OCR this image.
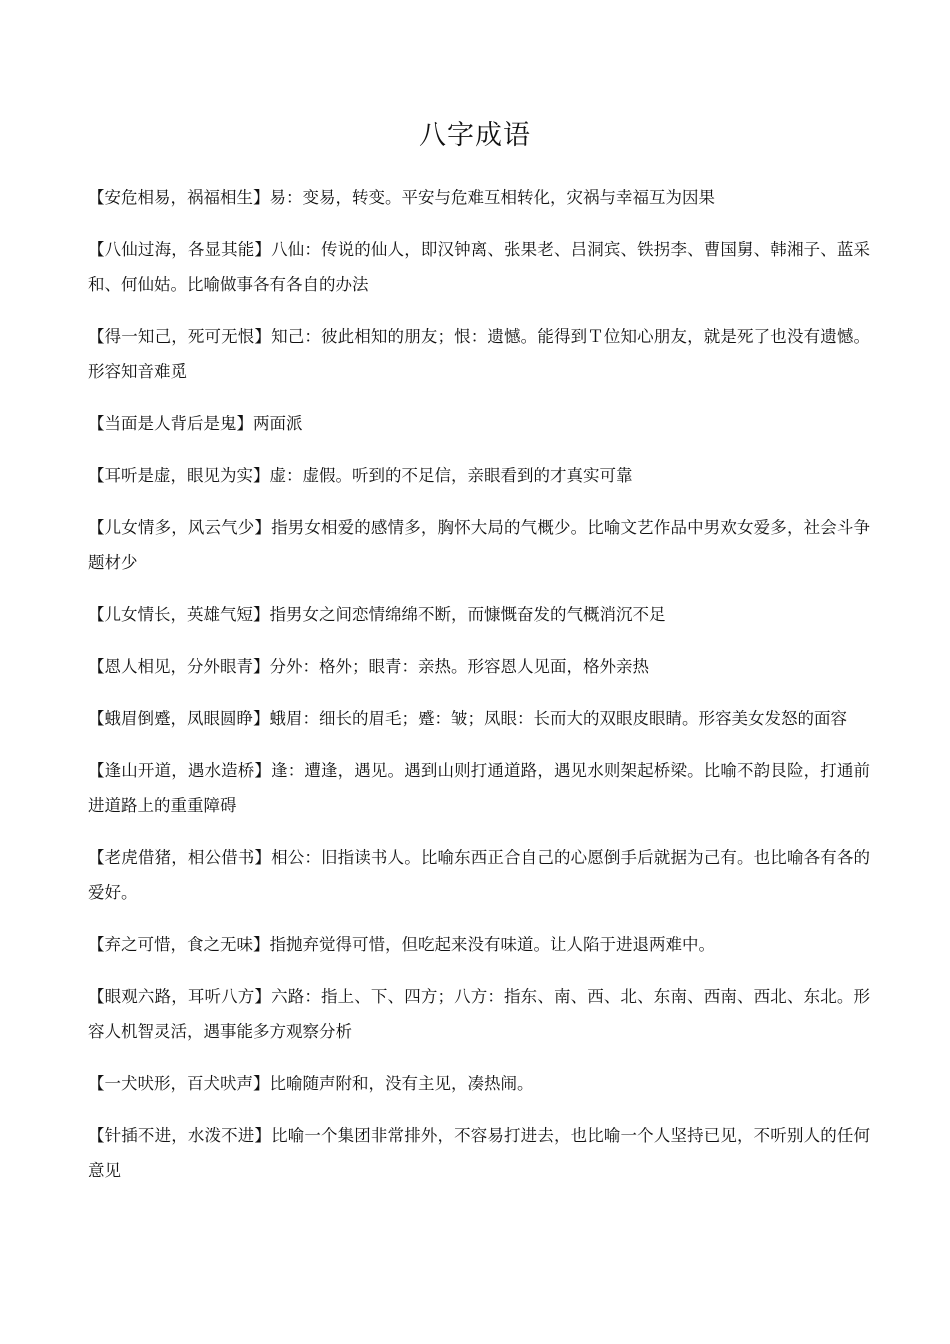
八字成语

【安危相易，祸福相生】易：变易，转变。平安与危难互相转化，灾祸与幸福互为因果

【八仙过海，各显其能】八仙：传说的仙人，即汉钟离、张果老、吕洞宾、铁拐李、曹国舅、韩湘子、蓝采和、何仙姑。比喻做事各有各自的办法

【得一知己，死可无恨】知己：彼此相知的朋友；恨：遗憾。能得到Ｔ位知心朋友，就是死了也没有遗憾。形容知音难觅

【当面是人背后是鬼】两面派

【耳听是虚，眼见为实】虚：虚假。听到的不足信，亲眼看到的才真实可靠

【儿女情多，风云气少】指男女相爱的感情多，胸怀大局的气概少。比喻文艺作品中男欢女爱多，社会斗争题材少

【儿女情长，英雄气短】指男女之间恋情绵绵不断，而慷慨奋发的气概消沉不足

【恩人相见，分外眼青】分外：格外；眼青：亲热。形容恩人见面，格外亲热

【蛾眉倒蹙，凤眼圆睁】蛾眉：细长的眉毛；蹙：皱；凤眼：长而大的双眼皮眼睛。形容美女发怒的面容

【逢山开道，遇水造桥】逢：遭逢，遇见。遇到山则打通道路，遇见水则架起桥梁。比喻不韵艮险，打通前进道路上的重重障碍

【老虎借猪，相公借书】相公：旧指读书人。比喻东西正合自己的心愿倒手后就据为己有。也比喻各有各的爱好。

【弃之可惜，食之无味】指抛弃觉得可惜，但吃起来没有味道。让人陷于进退两难中。

【眼观六路，耳听八方】六路：指上、下、四方；八方：指东、南、西、北、东南、西南、西北、东北。形容人机智灵活，遇事能多方观察分析

【一犬吠形，百犬吠声】比喻随声附和，没有主见，凑热闹。

【针插不进，水泼不进】比喻一个集团非常排外，不容易打进去，也比喻一个人坚持已见，不听别人的任何意见
